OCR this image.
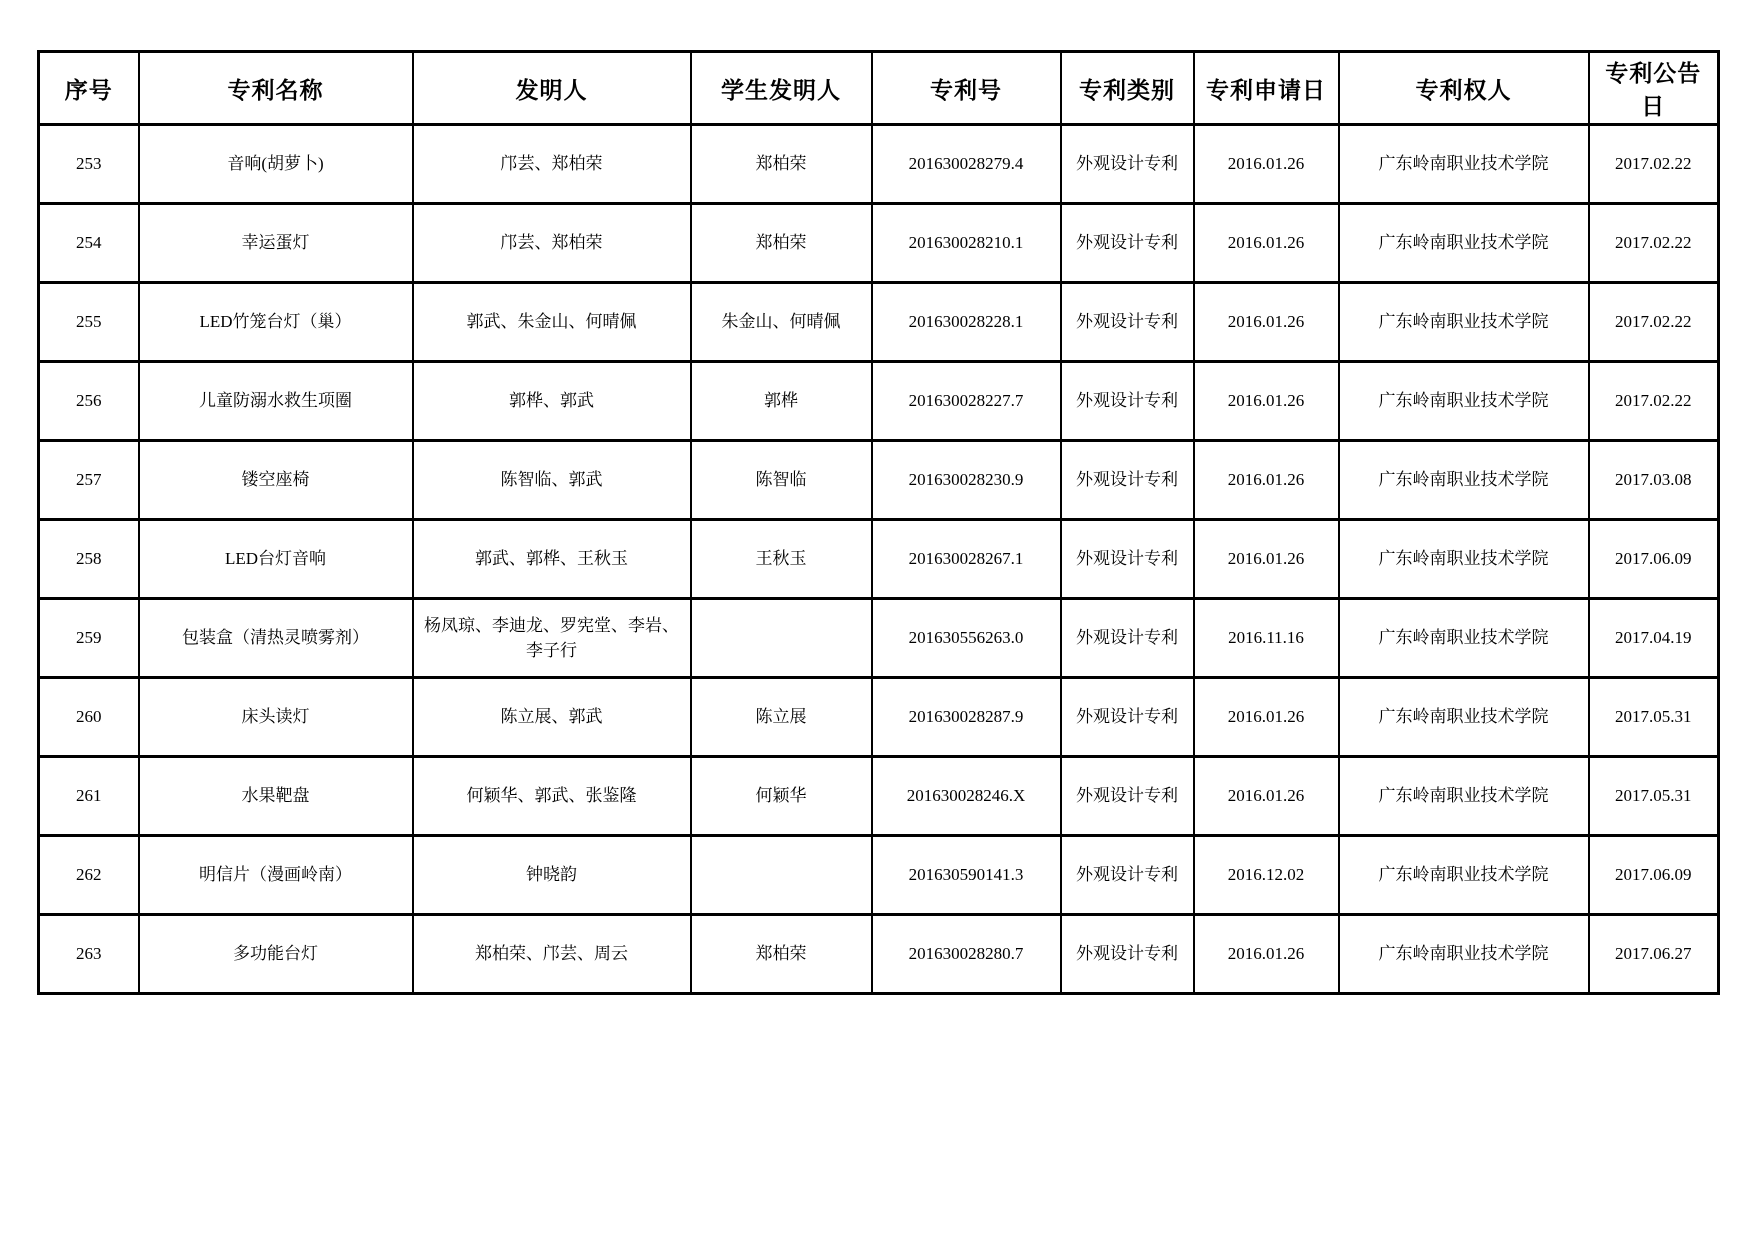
序号	专利名称	发明人	学生发明人	专利号	专利类别	专利申请日	专利权人	专利公告日
253	音响(胡萝卜)	邝芸、郑柏荣	郑柏荣	201630028279.4	外观设计专利	2016.01.26	广东岭南职业技术学院	2017.02.22
254	幸运蛋灯	邝芸、郑柏荣	郑柏荣	201630028210.1	外观设计专利	2016.01.26	广东岭南职业技术学院	2017.02.22
255	LED竹笼台灯（巢）	郭武、朱金山、何晴佩	朱金山、何晴佩	201630028228.1	外观设计专利	2016.01.26	广东岭南职业技术学院	2017.02.22
256	儿童防溺水救生项圈	郭桦、郭武	郭桦	201630028227.7	外观设计专利	2016.01.26	广东岭南职业技术学院	2017.02.22
257	镂空座椅	陈智临、郭武	陈智临	201630028230.9	外观设计专利	2016.01.26	广东岭南职业技术学院	2017.03.08
258	LED台灯音响	郭武、郭桦、王秋玉	王秋玉	201630028267.1	外观设计专利	2016.01.26	广东岭南职业技术学院	2017.06.09
259	包装盒（清热灵喷雾剂）	杨凤琼、李迪龙、罗宪堂、李岩、李子行		201630556263.0	外观设计专利	2016.11.16	广东岭南职业技术学院	2017.04.19
260	床头读灯	陈立展、郭武	陈立展	201630028287.9	外观设计专利	2016.01.26	广东岭南职业技术学院	2017.05.31
261	水果靶盘	何颖华、郭武、张鉴隆	何颖华	201630028246.X	外观设计专利	2016.01.26	广东岭南职业技术学院	2017.05.31
262	明信片（漫画岭南）	钟晓韵		201630590141.3	外观设计专利	2016.12.02	广东岭南职业技术学院	2017.06.09
263	多功能台灯	郑柏荣、邝芸、周云	郑柏荣	201630028280.7	外观设计专利	2016.01.26	广东岭南职业技术学院	2017.06.27
